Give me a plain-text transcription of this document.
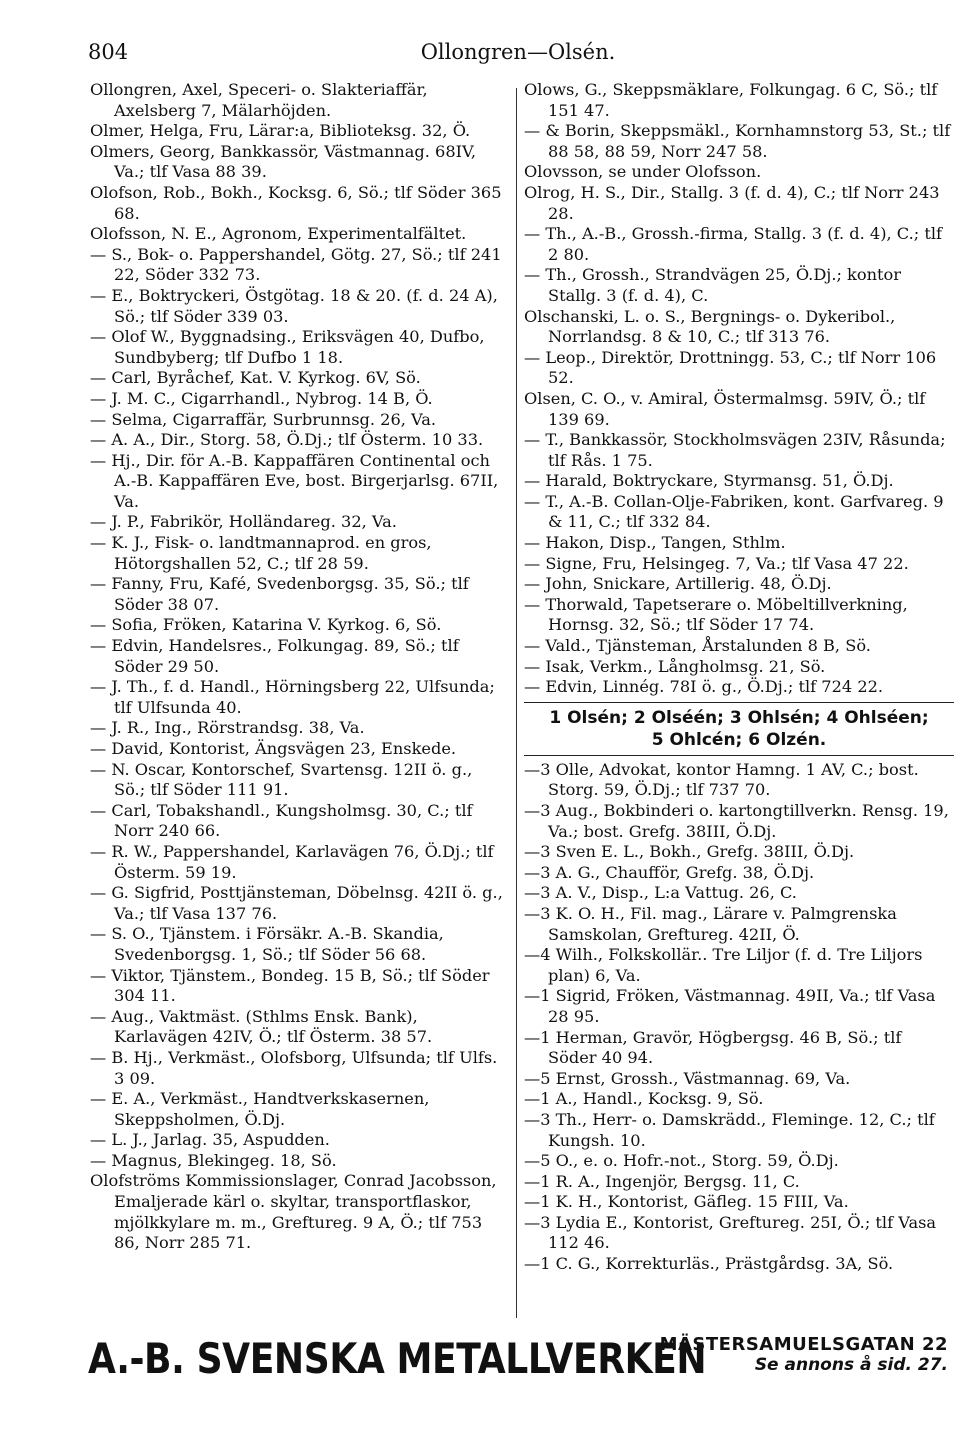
804	Ollongren—Olsén.
Ollongren, Axel, Speceri- o. Slakteriaffär, Axelsberg 7, Mälarhöjden.
Olmer, Helga, Fru, Lärar:a, Biblioteksg. 32, Ö.
Olmers, Georg, Bankkassör, Västmannag. 68IV, Va.; tlf Vasa 88 39.
Olofson, Rob., Bokh., Kocksg. 6, Sö.; tlf Söder 365 68.
Olofsson, N. E., Agronom, Experimentalfältet.
— S., Bok- o. Pappershandel, Götg. 27, Sö.; tlf 241 22, Söder 332 73.
— E., Boktryckeri, Östgötag. 18 & 20. (f. d. 24 A), Sö.; tlf Söder 339 03.
— Olof W., Byggnadsing., Eriksvägen 40, Dufbo, Sundbyberg; tlf Dufbo 1 18.
— Carl, Byråchef, Kat. V. Kyrkog. 6V, Sö.
— J. M. C., Cigarrhandl., Nybrog. 14 B, Ö.
— Selma, Cigarraffär, Surbrunnsg. 26, Va.
— A. A., Dir., Storg. 58, Ö.Dj.; tlf Österm. 10 33.
— Hj., Dir. för A.-B. Kappaffären Continental och A.-B. Kappaffären Eve, bost. Birgerjarlsg. 67II, Va.
— J. P., Fabrikör, Holländareg. 32, Va.
— K. J., Fisk- o. landtmannaprod. en gros, Hötorgshallen 52, C.; tlf 28 59.
— Fanny, Fru, Kafé, Svedenborgsg. 35, Sö.; tlf Söder 38 07.
— Sofia, Fröken, Katarina V. Kyrkog. 6, Sö.
— Edvin, Handelsres., Folkungag. 89, Sö.; tlf Söder 29 50.
— J. Th., f. d. Handl., Hörningsberg 22, Ulfsunda; tlf Ulfsunda 40.
— J. R., Ing., Rörstrandsg. 38, Va.
— David, Kontorist, Ängsvägen 23, Enskede.
— N. Oscar, Kontorschef, Svartensg. 12II ö. g., Sö.; tlf Söder 111 91.
— Carl, Tobakshandl., Kungsholmsg. 30, C.; tlf Norr 240 66.
— R. W., Pappershandel, Karlavägen 76, Ö.Dj.; tlf Österm. 59 19.
— G. Sigfrid, Posttjänsteman, Döbelnsg. 42II ö. g., Va.; tlf Vasa 137 76.
— S. O., Tjänstem. i Försäkr. A.-B. Skandia, Svedenborgsg. 1, Sö.; tlf Söder 56 68.
— Viktor, Tjänstem., Bondeg. 15 B, Sö.; tlf Söder 304 11.
— Aug., Vaktmäst. (Sthlms Ensk. Bank), Karlavägen 42IV, Ö.; tlf Österm. 38 57.
— B. Hj., Verkmäst., Olofsborg, Ulfsunda; tlf Ulfs. 3 09.
— E. A., Verkmäst., Handtverkskasernen, Skeppsholmen, Ö.Dj.
— L. J., Jarlag. 35, Aspudden.
— Magnus, Blekingeg. 18, Sö.
Olofströms Kommissionslager, Conrad Jacobsson, Emaljerade kärl o. skyltar, transportflaskor, mjölkkylare m. m., Greftureg. 9 A, Ö.; tlf 753 86, Norr 285 71.
Olows, G., Skeppsmäklare, Folkungag. 6 C, Sö.; tlf 151 47.
— & Borin, Skeppsmäkl., Kornhamnstorg 53, St.; tlf 88 58, 88 59, Norr 247 58.
Olovsson, se under Olofsson.
Olrog, H. S., Dir., Stallg. 3 (f. d. 4), C.; tlf Norr 243 28.
— Th., A.-B., Grossh.-firma, Stallg. 3 (f. d. 4), C.; tlf 2 80.
— Th., Grossh., Strandvägen 25, Ö.Dj.; kontor Stallg. 3 (f. d. 4), C.
Olschanski, L. o. S., Bergnings- o. Dykeribol., Norrlandsg. 8 & 10, C.; tlf 313 76.
— Leop., Direktör, Drottningg. 53, C.; tlf Norr 106 52.
Olsen, C. O., v. Amiral, Östermalmsg. 59IV, Ö.; tlf 139 69.
— T., Bankkassör, Stockholmsvägen 23IV, Råsunda; tlf Rås. 1 75.
— Harald, Boktryckare, Styrmansg. 51, Ö.Dj.
— T., A.-B. Collan-Olje-Fabriken, kont. Garfvareg. 9 & 11, C.; tlf 332 84.
— Hakon, Disp., Tangen, Sthlm.
— Signe, Fru, Helsingeg. 7, Va.; tlf Vasa 47 22.
— John, Snickare, Artillerig. 48, Ö.Dj.
— Thorwald, Tapetserare o. Möbeltillverkning, Hornsg. 32, Sö.; tlf Söder 17 74.
— Vald., Tjänsteman, Årstalunden 8 B, Sö.
— Isak, Verkm., Långholmsg. 21, Sö.
— Edvin, Linnég. 78I ö. g., Ö.Dj.; tlf 724 22.
1 Olsén; 2 Olséén; 3 Ohlsén; 4 Ohlséen;
5 Ohlcén; 6 Olzén.
—3 Olle, Advokat, kontor Hamng. 1 AV, C.; bost. Storg. 59, Ö.Dj.; tlf 737 70.
—3 Aug., Bokbinderi o. kartongtillverkn. Rensg. 19, Va.; bost. Grefg. 38III, Ö.Dj.
—3 Sven E. L., Bokh., Grefg. 38III, Ö.Dj.
—3 A. G., Chaufför, Grefg. 38, Ö.Dj.
—3 A. V., Disp., L:a Vattug. 26, C.
—3 K. O. H., Fil. mag., Lärare v. Palmgrenska Samskolan, Greftureg. 42II, Ö.
—4 Wilh., Folkskollär.. Tre Liljor (f. d. Tre Liljors plan) 6, Va.
—1 Sigrid, Fröken, Västmannag. 49II, Va.; tlf Vasa 28 95.
—1 Herman, Gravör, Högbergsg. 46 B, Sö.; tlf Söder 40 94.
—5 Ernst, Grossh., Västmannag. 69, Va.
—1 A., Handl., Kocksg. 9, Sö.
—3 Th., Herr- o. Damskrädd., Fleminge. 12, C.; tlf Kungsh. 10.
—5 O., e. o. Hofr.-not., Storg. 59, Ö.Dj.
—1 R. A., Ingenjör, Bergsg. 11, C.
—1 K. H., Kontorist, Gäfleg. 15 FIII, Va.
—3 Lydia E., Kontorist, Greftureg. 25I, Ö.; tlf Vasa 112 46.
—1 C. G., Korrekturläs., Prästgårdsg. 3A, Sö.
A.-B. SVENSKA METALLVERKEN
MÄSTERSAMUELSGATAN 22
Se annons å sid. 27.
